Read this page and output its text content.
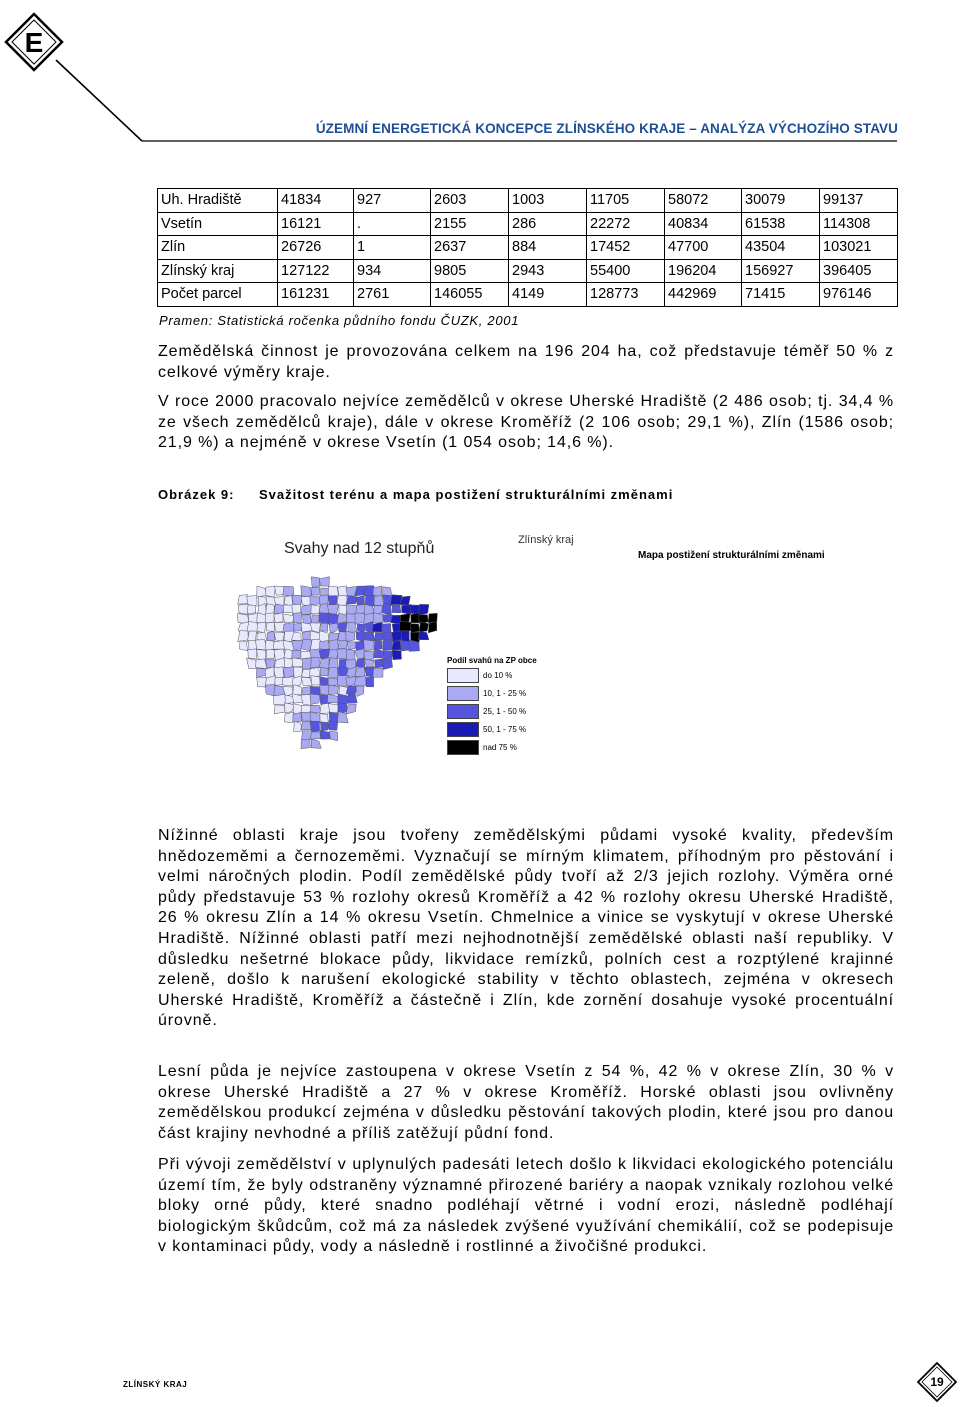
E
ÚZEMNÍ ENERGETICKÁ KONCEPCE ZLÍNSKÉHO KRAJE – ANALÝZA VÝCHOZÍHO STAVU
Uh. Hradiště	41834	927	2603	1003	11705	58072	30079	99137
Vsetín	16121	.	2155	286	22272	40834	61538	114308
Zlín	26726	1	2637	884	17452	47700	43504	103021
Zlínský kraj	127122	934	9805	2943	55400	196204	156927	396405
Počet parcel	161231	2761	146055	4149	128773	442969	71415	976146
Pramen: Statistická ročenka půdního fondu ČUZK, 2001

Zemědělská činnost je provozována celkem na 196 204 ha, což představuje téměř 50 % z celkové výměry kraje.

V roce 2000 pracovalo nejvíce zemědělců v okrese Uherské Hradiště (2 486 osob; tj. 34,4 % ze všech zemědělců kraje), dále v okrese Kroměříž (2 106 osob; 29,1 %), Zlín (1586 osob; 21,9 %) a nejméně v okrese Vsetín (1 054 osob; 14,6 %).

Obrázek 9: Svažitost terénu a mapa postižení strukturálními změnami
Svahy nad 12 stupňů	Zlínský kraj
Mapa postižení strukturálními změnami
Podíl svahů na ZP obce
do 10 %
10, 1 - 25 %
25, 1 - 50 %
50, 1 - 75 %
nad 75 %

Nížinné oblasti kraje jsou tvořeny zemědělskými půdami vysoké kvality, především hnědozeměmi a černozeměmi. Vyznačují se mírným klimatem, příhodným pro pěstování i velmi náročných plodin. Podíl zemědělské půdy tvoří až 2/3 jejich rozlohy. Výměra orné půdy představuje 53 % rozlohy okresů Kroměříž a 42 % rozlohy okresu Uherské Hradiště, 26 % okresu Zlín a 14 % okresu Vsetín. Chmelnice a vinice se vyskytují v okrese Uherské Hradiště. Nížinné oblasti patří mezi nejhodnotnější zemědělské oblasti naší republiky. V důsledku nešetrné blokace půdy, likvidace remízků, polních cest a rozptýlené krajinné zeleně, došlo k narušení ekologické stability v těchto oblastech, zejména v okresech Uherské Hradiště, Kroměříž a částečně i Zlín, kde zornění dosahuje vysoké procentuální úrovně.

Lesní půda je nejvíce zastoupena v okrese Vsetín z 54 %, 42 % v okrese Zlín, 30 % v okrese Uherské Hradiště a 27 % v okrese Kroměříž. Horské oblasti jsou ovlivněny zemědělskou produkcí zejména v důsledku pěstování takových plodin, které jsou pro danou část krajiny nevhodné a příliš zatěžují půdní fond.

Při vývoji zemědělství v uplynulých padesáti letech došlo k likvidaci ekologického potenciálu území tím, že byly odstraněny významné přirozené bariéry a naopak vznikaly rozlohou velké bloky orné půdy, které snadno podléhají větrné i vodní erozi, následně podléhají biologickým škůdcům, což má za následek zvýšené využívání chemikálií, což se podepisuje v kontaminaci půdy, vody a následně i rostlinné a živočišné produkci.

ZLÍNSKÝ KRAJ	19
